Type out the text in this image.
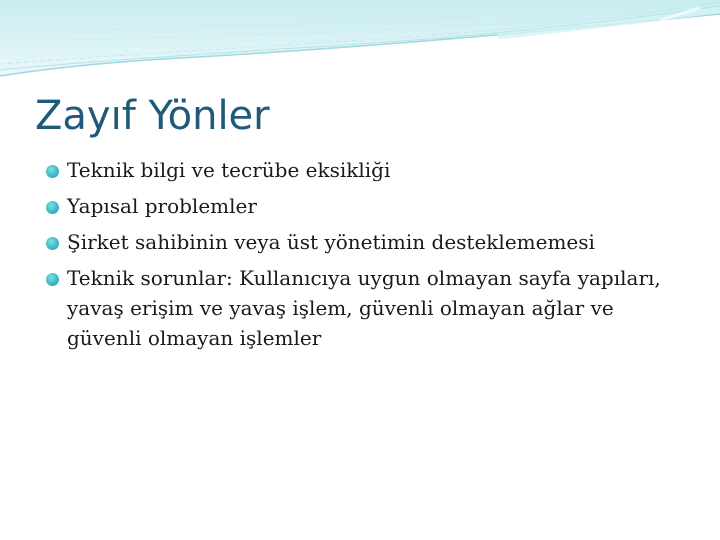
Zayıf Yönler
Teknik bilgi ve tecrübe eksikliği
Yapısal problemler
Şirket sahibinin veya üst yönetimin desteklememesi
Teknik sorunlar: Kullanıcıya uygun olmayan sayfa yapıları, yavaş erişim ve yavaş işlem, güvenli olmayan ağlar ve güvenli olmayan işlemler
